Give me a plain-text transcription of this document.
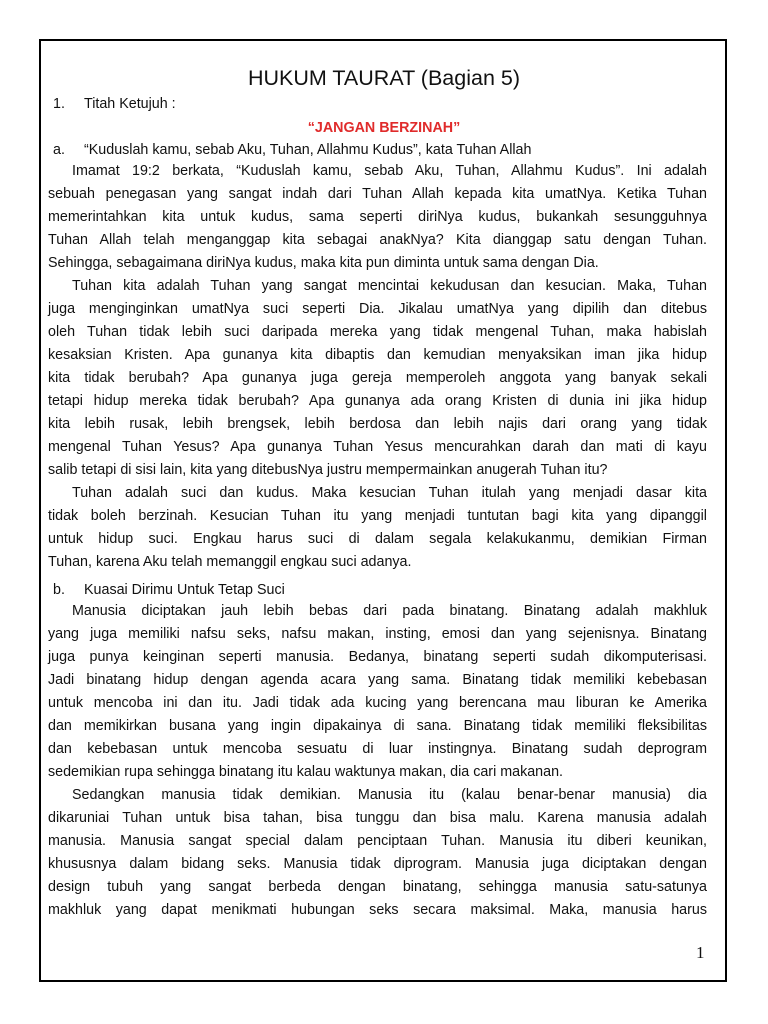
HUKUM TAURAT (Bagian 5)
1. Titah Ketujuh :
“JANGAN BERZINAH”
a. “Kuduslah kamu, sebab Aku, Tuhan, Allahmu Kudus”, kata Tuhan Allah
Imamat 19:2 berkata, “Kuduslah kamu, sebab Aku, Tuhan, Allahmu Kudus”. Ini adalah
sebuah penegasan yang sangat indah dari Tuhan Allah kepada kita umatNya. Ketika Tuhan
memerintahkan kita untuk kudus, sama seperti diriNya kudus, bukankah sesungguhnya
Tuhan Allah telah menganggap kita sebagai anakNya? Kita dianggap satu dengan Tuhan.
Sehingga, sebagaimana diriNya kudus, maka kita pun diminta untuk sama dengan Dia.
Tuhan kita adalah Tuhan yang sangat mencintai kekudusan dan kesucian. Maka, Tuhan
juga menginginkan umatNya suci seperti Dia. Jikalau umatNya yang dipilih dan ditebus
oleh Tuhan tidak lebih suci daripada mereka yang tidak mengenal Tuhan, maka habislah
kesaksian Kristen. Apa gunanya kita dibaptis dan kemudian menyaksikan iman jika hidup
kita tidak berubah? Apa gunanya juga gereja memperoleh anggota yang banyak sekali
tetapi hidup mereka tidak berubah? Apa gunanya ada orang Kristen di dunia ini jika hidup
kita lebih rusak, lebih brengsek, lebih berdosa dan lebih najis dari orang yang tidak
mengenal Tuhan Yesus? Apa gunanya Tuhan Yesus mencurahkan darah dan mati di kayu
salib tetapi di sisi lain, kita yang ditebusNya justru mempermainkan anugerah Tuhan itu?
Tuhan adalah suci dan kudus. Maka kesucian Tuhan itulah yang menjadi dasar kita
tidak boleh berzinah. Kesucian Tuhan itu yang menjadi tuntutan bagi kita yang dipanggil
untuk hidup suci. Engkau harus suci di dalam segala kelakukanmu, demikian Firman
Tuhan, karena Aku telah memanggil engkau suci adanya.
b. Kuasai Dirimu Untuk Tetap Suci
Manusia diciptakan jauh lebih bebas dari pada binatang. Binatang adalah makhluk
yang juga memiliki nafsu seks, nafsu makan, insting, emosi dan yang sejenisnya. Binatang
juga punya keinginan seperti manusia. Bedanya, binatang seperti sudah dikomputerisasi.
Jadi binatang hidup dengan agenda acara yang sama. Binatang tidak memiliki kebebasan
untuk mencoba ini dan itu. Jadi tidak ada kucing yang berencana mau liburan ke Amerika
dan memikirkan busana yang ingin dipakainya di sana. Binatang tidak memiliki fleksibilitas
dan kebebasan untuk mencoba sesuatu di luar instingnya. Binatang sudah deprogram
sedemikian rupa sehingga binatang itu kalau waktunya makan, dia cari makanan.
Sedangkan manusia tidak demikian. Manusia itu (kalau benar-benar manusia) dia
dikaruniai Tuhan untuk bisa tahan, bisa tunggu dan bisa malu. Karena manusia adalah
manusia. Manusia sangat special dalam penciptaan Tuhan. Manusia itu diberi keunikan,
khususnya dalam bidang seks. Manusia tidak diprogram. Manusia juga diciptakan dengan
design tubuh yang sangat berbeda dengan binatang, sehingga manusia satu-satunya
makhluk yang dapat menikmati hubungan seks secara maksimal. Maka, manusia harus
1
